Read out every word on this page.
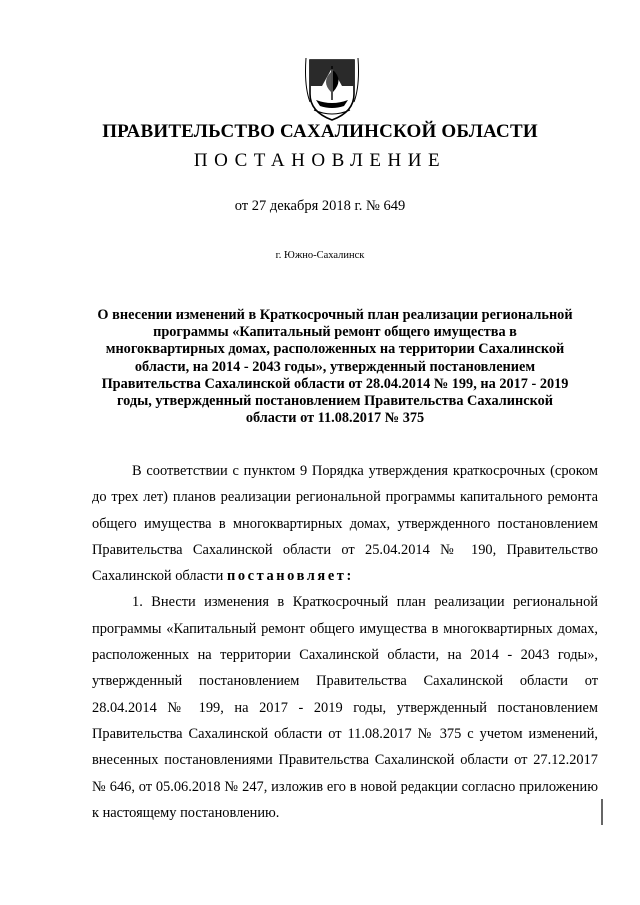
ПРАВИТЕЛЬСТВО САХАЛИНСКОЙ ОБЛАСТИ
ПОСТАНОВЛЕНИЕ
от 27 декабря 2018 г. № 649
г. Южно-Сахалинск
О внесении изменений в Краткосрочный план реализации региональной
программы «Капитальный ремонт общего имущества в
многоквартирных домах, расположенных на территории Сахалинской
области, на 2014 - 2043 годы», утвержденный постановлением
Правительства Сахалинской области от 28.04.2014 № 199, на 2017 - 2019
годы, утвержденный постановлением Правительства Сахалинской
области от 11.08.2017 № 375

В соответствии с пунктом 9 Порядка утверждения краткосрочных (сроком до трех лет) планов реализации региональной программы капитального ремонта общего имущества в многоквартирных домах, утвержденного постановлением Правительства Сахалинской области от 25.04.2014 № 190, Правительство Сахалинской области постановляет:

1. Внести изменения в Краткосрочный план реализации региональной программы «Капитальный ремонт общего имущества в многоквартирных домах, расположенных на территории Сахалинской области, на 2014 - 2043 годы», утвержденный постановлением Правительства Сахалинской области от 28.04.2014 № 199, на 2017 - 2019 годы, утвержденный постановлением Правительства Сахалинской области от 11.08.2017 № 375 с учетом изменений, внесенных постановлениями Правительства Сахалинской области от 27.12.2017 № 646, от 05.06.2018 № 247, изложив его в новой редакции согласно приложению к настоящему постановлению.
